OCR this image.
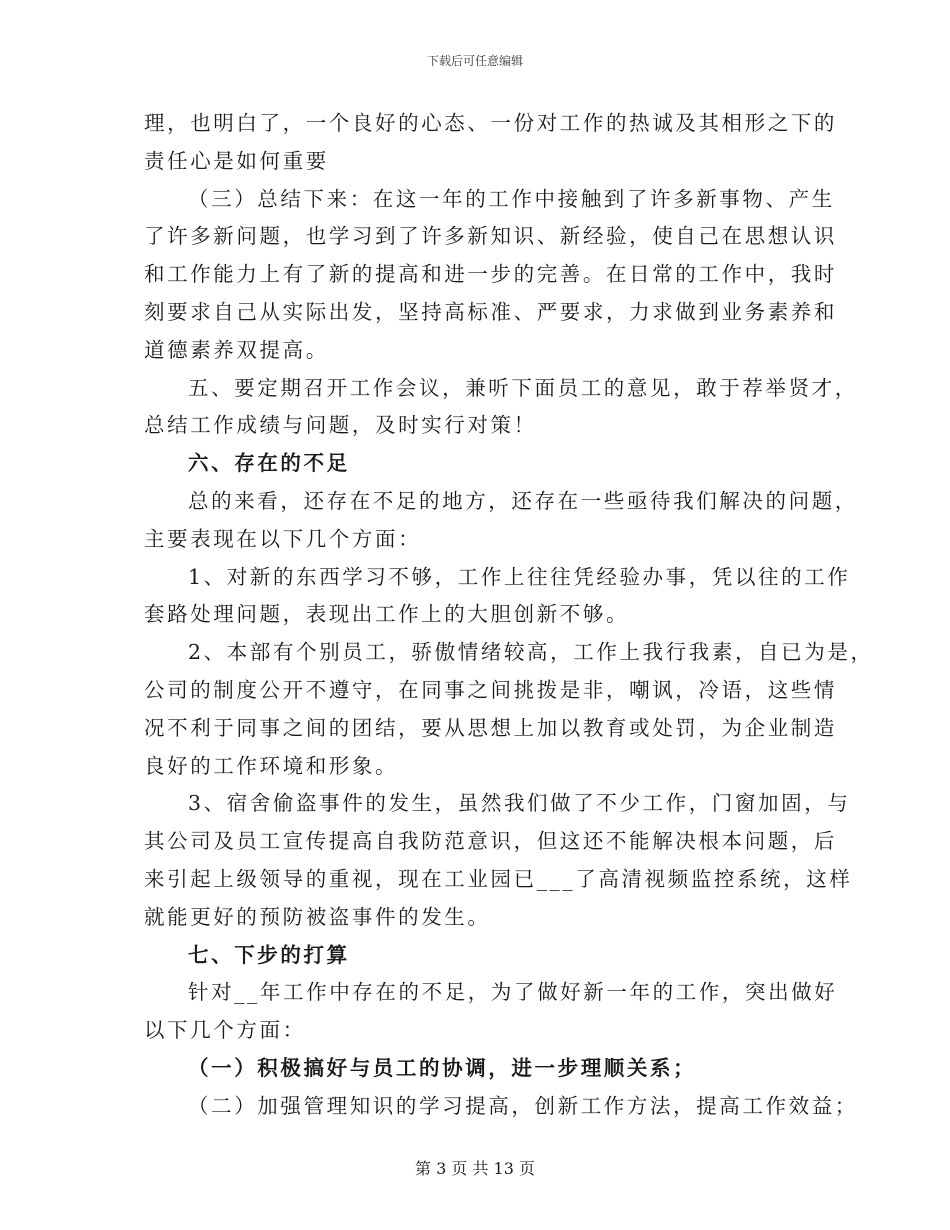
下载后可任意编辑
理，也明白了，一个良好的心态、一份对工作的热诚及其相形之下的
责任心是如何重要
（三）总结下来：在这一年的工作中接触到了许多新事物、产生
了许多新问题，也学习到了许多新知识、新经验，使自己在思想认识
和工作能力上有了新的提高和进一步的完善。在日常的工作中，我时
刻要求自己从实际出发，坚持高标准、严要求，力求做到业务素养和
道德素养双提高。
五、要定期召开工作会议，兼听下面员工的意见，敢于荐举贤才，
总结工作成绩与问题，及时实行对策！
六、存在的不足
总的来看，还存在不足的地方，还存在一些亟待我们解决的问题，
主要表现在以下几个方面：
1、对新的东西学习不够，工作上往往凭经验办事，凭以往的工作
套路处理问题，表现出工作上的大胆创新不够。
2、本部有个别员工，骄傲情绪较高，工作上我行我素，自已为是，
公司的制度公开不遵守，在同事之间挑拨是非，嘲讽，冷语，这些情
况不利于同事之间的团结，要从思想上加以教育或处罚，为企业制造
良好的工作环境和形象。
3、宿舍偷盗事件的发生，虽然我们做了不少工作，门窗加固，与
其公司及员工宣传提高自我防范意识，但这还不能解决根本问题，后
来引起上级领导的重视，现在工业园已___了高清视频监控系统，这样
就能更好的预防被盗事件的发生。
七、下步的打算
针对__年工作中存在的不足，为了做好新一年的工作，突出做好
以下几个方面：
（一）积极搞好与员工的协调，进一步理顺关系；
（二）加强管理知识的学习提高，创新工作方法，提高工作效益；
第 3 页 共 13 页
